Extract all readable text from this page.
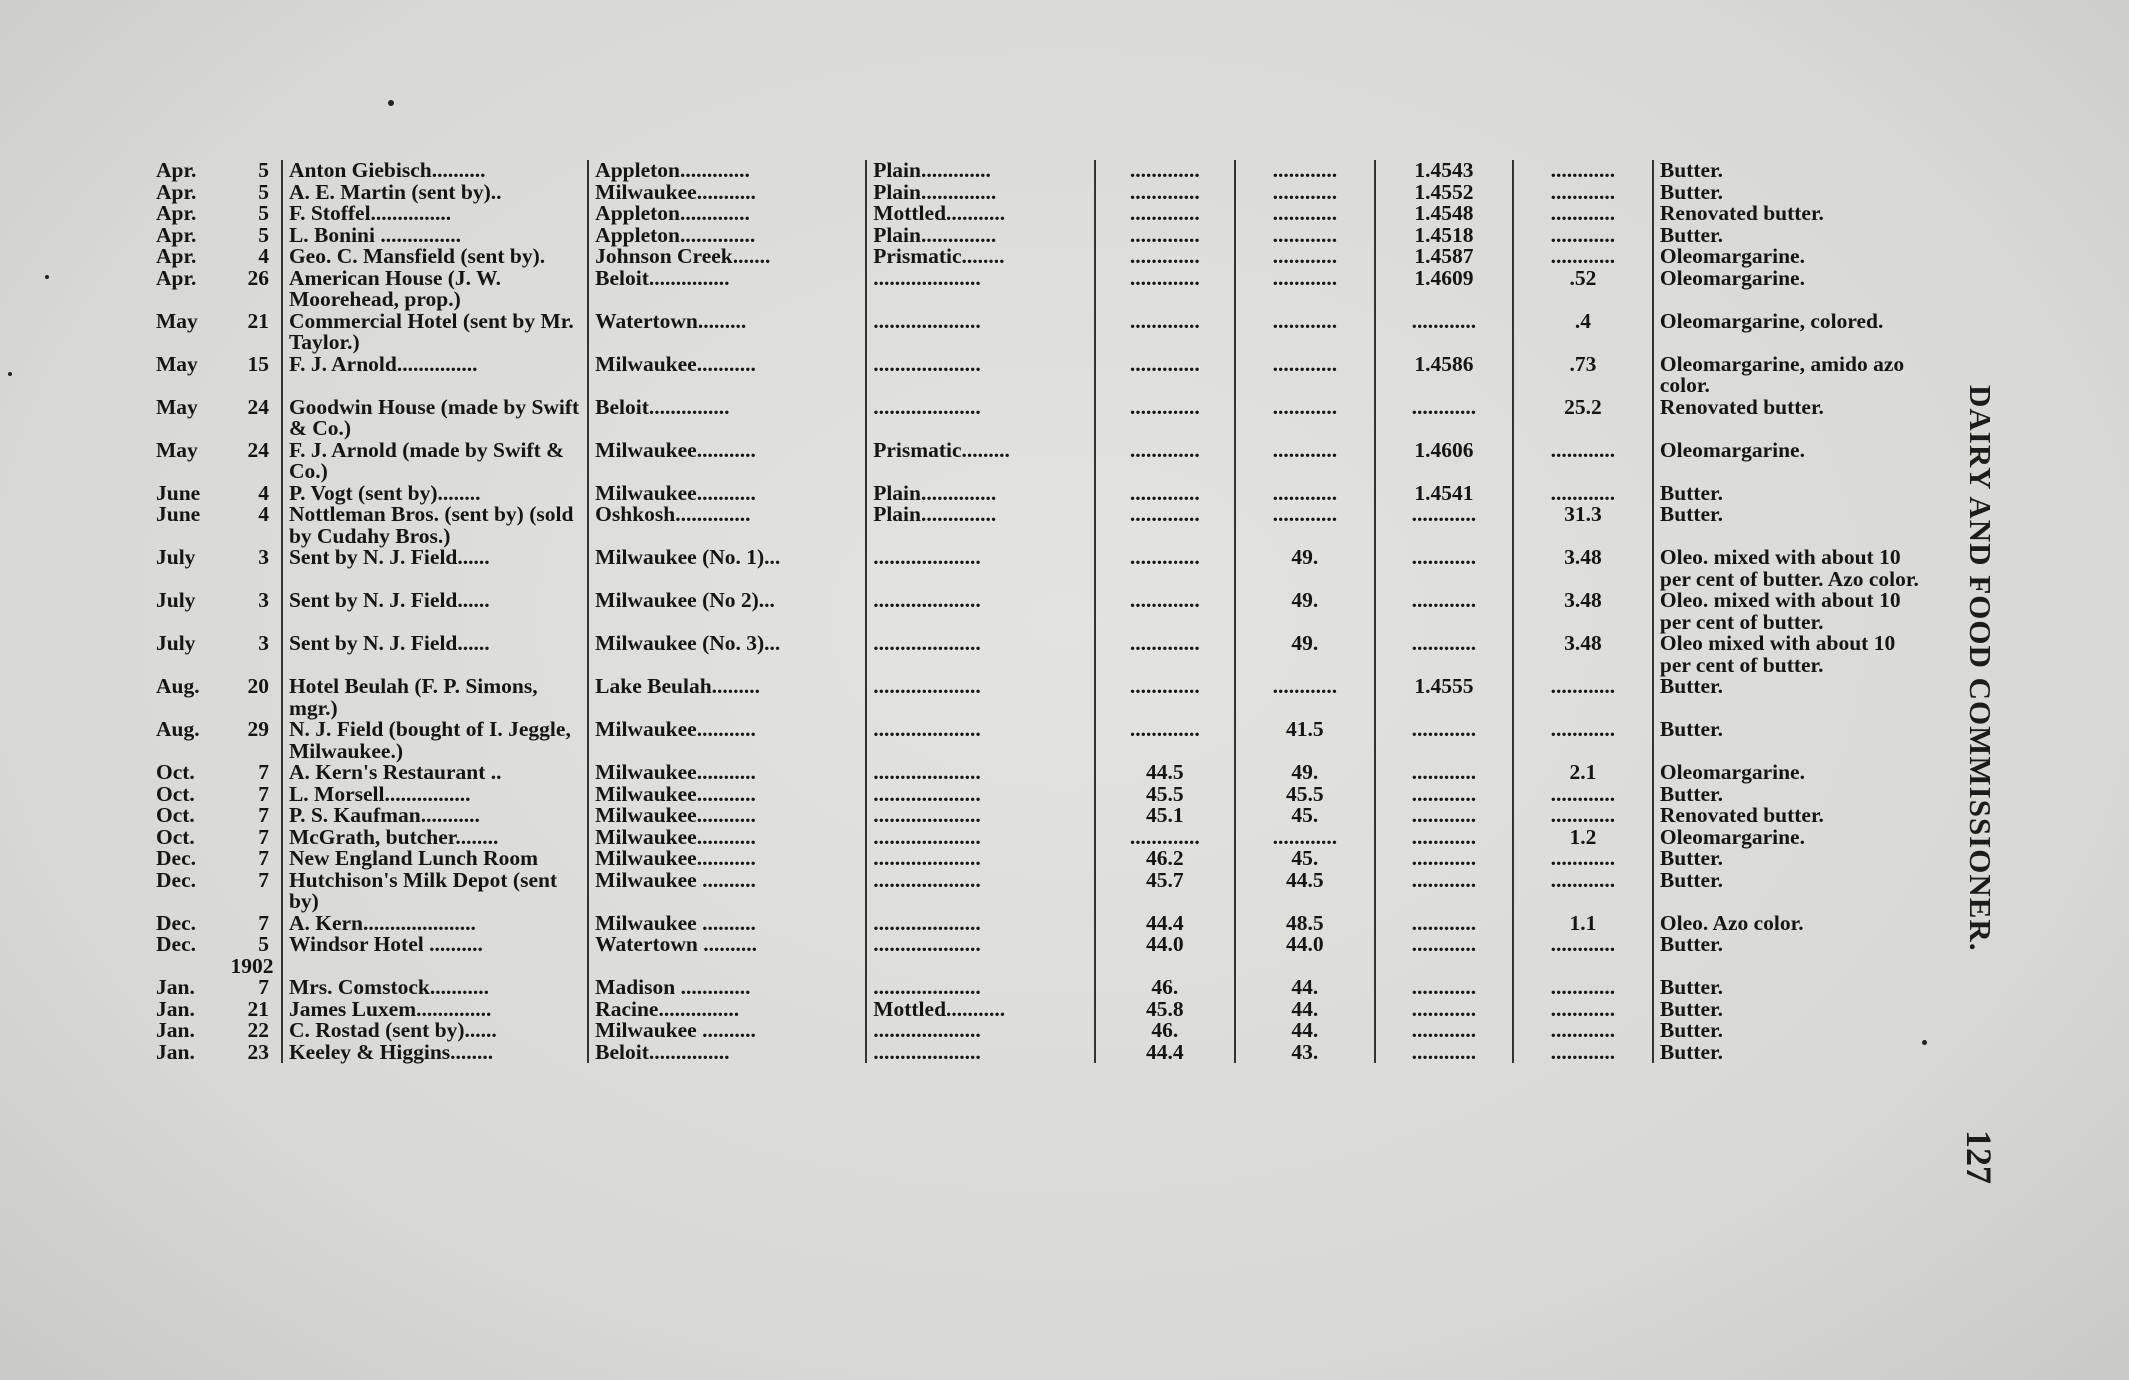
Apr.	5	Anton Giebisch..........	Appleton.............	Plain.............	.............	............	1.4543	............	Butter.
Apr.	5	A. E. Martin (sent by)..	Milwaukee...........	Plain..............	.............	............	1.4552	............	Butter.
Apr.	5	F. Stoffel...............	Appleton.............	Mottled...........	.............	............	1.4548	............	Renovated butter.
Apr.	5	L. Bonini ...............	Appleton..............	Plain..............	.............	............	1.4518	............	Butter.
Apr.	4	Geo. C. Mansfield (sent by).	Johnson Creek.......	Prismatic........	.............	............	1.4587	............	Oleomargarine.
Apr.	26	American House (J. W. Moorehead, prop.)	Beloit...............	....................	.............	............	1.4609	.52	Oleomargarine.
May	21	Commercial Hotel (sent by Mr. Taylor.)	Watertown.........	....................	.............	............	............	.4	Oleomargarine, colored.
May	15	F. J. Arnold...............	Milwaukee...........	....................	.............	............	1.4586	.73	Oleomargarine, amido azo color.
May	24	Goodwin House (made by Swift & Co.)	Beloit...............	....................	.............	............	............	25.2	Renovated butter.
May	24	F. J. Arnold (made by Swift & Co.)	Milwaukee...........	Prismatic.........	.............	............	1.4606	............	Oleomargarine.
June	4	P. Vogt (sent by)........	Milwaukee...........	Plain..............	.............	............	1.4541	............	Butter.
June	4	Nottleman Bros. (sent by) (sold by Cudahy Bros.)	Oshkosh..............	Plain..............	.............	............	............	31.3	Butter.
July	3	Sent by N. J. Field......	Milwaukee (No. 1)...	....................	.............	49.	............	3.48	Oleo. mixed with about 10 per cent of butter. Azo color.
July	3	Sent by N. J. Field......	Milwaukee (No 2)...	....................	.............	49.	............	3.48	Oleo. mixed with about 10 per cent of butter.
July	3	Sent by N. J. Field......	Milwaukee (No. 3)...	....................	.............	49.	............	3.48	Oleo mixed with about 10 per cent of butter.
Aug.	20	Hotel Beulah (F. P. Simons, mgr.)	Lake Beulah.........	....................	.............	............	1.4555	............	Butter.
Aug.	29	N. J. Field (bought of I. Jeggle, Milwaukee.)	Milwaukee...........	....................	.............	41.5	............	............	Butter.
Oct.	7	A. Kern's Restaurant ..	Milwaukee...........	....................	44.5	49.	............	2.1	Oleomargarine.
Oct.	7	L. Morsell................	Milwaukee...........	....................	45.5	45.5	............	............	Butter.
Oct.	7	P. S. Kaufman...........	Milwaukee...........	....................	45.1	45.	............	............	Renovated butter.
Oct.	7	McGrath, butcher........	Milwaukee...........	....................	.............	............	............	1.2	Oleomargarine.
Dec.	7	New England Lunch Room	Milwaukee...........	....................	46.2	45.	............	............	Butter.
Dec.	7	Hutchison's Milk Depot (sent by)	Milwaukee ..........	....................	45.7	44.5	............	............	Butter.
Dec.	7	A. Kern.....................	Milwaukee ..........	....................	44.4	48.5	............	1.1	Oleo. Azo color.
Dec.	5	Windsor Hotel ..........	Watertown ..........	....................	44.0	44.0	............	............	Butter.
	1902								
Jan.	7	Mrs. Comstock...........	Madison .............	....................	46.	44.	............	............	Butter.
Jan.	21	James Luxem..............	Racine...............	Mottled...........	45.8	44.	............	............	Butter.
Jan.	22	C. Rostad (sent by)......	Milwaukee ..........	....................	46.	44.	............	............	Butter.
Jan.	23	Keeley & Higgins........	Beloit...............	....................	44.4	43.	............	............	Butter.
DAIRY AND FOOD COMMISSIONER.
127
